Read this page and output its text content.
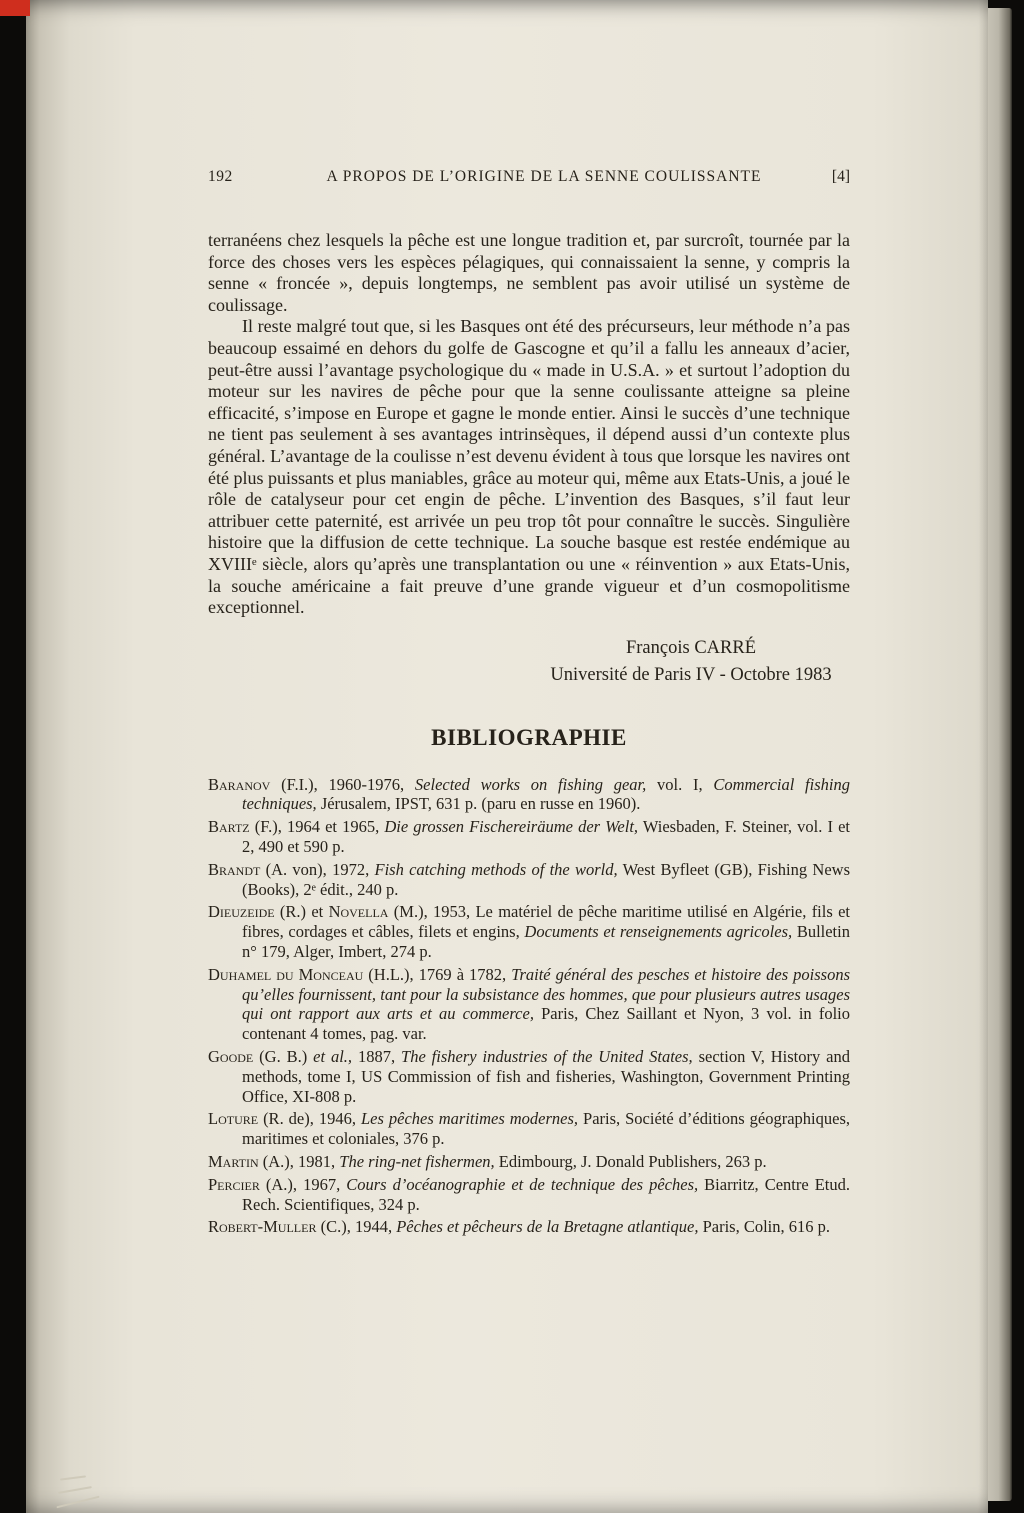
192	A PROPOS DE L’ORIGINE DE LA SENNE COULISSANTE	[4]

terranéens chez lesquels la pêche est une longue tradition et, par surcroît, tournée par la force des choses vers les espèces pélagiques, qui connaissaient la senne, y compris la senne « froncée », depuis longtemps, ne semblent pas avoir utilisé un système de coulissage.

Il reste malgré tout que, si les Basques ont été des précurseurs, leur méthode n’a pas beaucoup essaimé en dehors du golfe de Gascogne et qu’il a fallu les anneaux d’acier, peut-être aussi l’avantage psychologique du « made in U.S.A. » et surtout l’adoption du moteur sur les navires de pêche pour que la senne coulissante atteigne sa pleine efficacité, s’impose en Europe et gagne le monde entier. Ainsi le succès d’une technique ne tient pas seulement à ses avantages intrinsèques, il dépend aussi d’un contexte plus général. L’avantage de la coulisse n’est devenu évident à tous que lorsque les navires ont été plus puissants et plus maniables, grâce au moteur qui, même aux Etats-Unis, a joué le rôle de catalyseur pour cet engin de pêche. L’invention des Basques, s’il faut leur attribuer cette paternité, est arrivée un peu trop tôt pour connaître le succès. Singulière histoire que la diffusion de cette technique. La souche basque est restée endémique au XVIIIᵉ siècle, alors qu’après une transplantation ou une « réinvention » aux Etats-Unis, la souche américaine a fait preuve d’une grande vigueur et d’un cosmopolitisme exceptionnel.

François CARRÉ
Université de Paris IV - Octobre 1983
BIBLIOGRAPHIE

Baranov (F.I.), 1960-1976, Selected works on fishing gear, vol. I, Commercial fishing techniques, Jérusalem, IPST, 631 p. (paru en russe en 1960).

Bartz (F.), 1964 et 1965, Die grossen Fischereiräume der Welt, Wiesbaden, F. Steiner, vol. I et 2, 490 et 590 p.

Brandt (A. von), 1972, Fish catching methods of the world, West Byfleet (GB), Fishing News (Books), 2ᵉ édit., 240 p.

Dieuzeide (R.) et Novella (M.), 1953, Le matériel de pêche maritime utilisé en Algérie, fils et fibres, cordages et câbles, filets et engins, Documents et renseignements agricoles, Bulletin n° 179, Alger, Imbert, 274 p.

Duhamel du Monceau (H.L.), 1769 à 1782, Traité général des pesches et histoire des poissons qu’elles fournissent, tant pour la subsistance des hommes, que pour plusieurs autres usages qui ont rapport aux arts et au commerce, Paris, Chez Saillant et Nyon, 3 vol. in folio contenant 4 tomes, pag. var.

Goode (G. B.) et al., 1887, The fishery industries of the United States, section V, History and methods, tome I, US Commission of fish and fisheries, Washington, Government Printing Office, XI-808 p.

Loture (R. de), 1946, Les pêches maritimes modernes, Paris, Société d’éditions géographiques, maritimes et coloniales, 376 p.

Martin (A.), 1981, The ring-net fishermen, Edimbourg, J. Donald Publishers, 263 p.

Percier (A.), 1967, Cours d’océanographie et de technique des pêches, Biarritz, Centre Etud. Rech. Scientifiques, 324 p.

Robert-Muller (C.), 1944, Pêches et pêcheurs de la Bretagne atlantique, Paris, Colin, 616 p.
